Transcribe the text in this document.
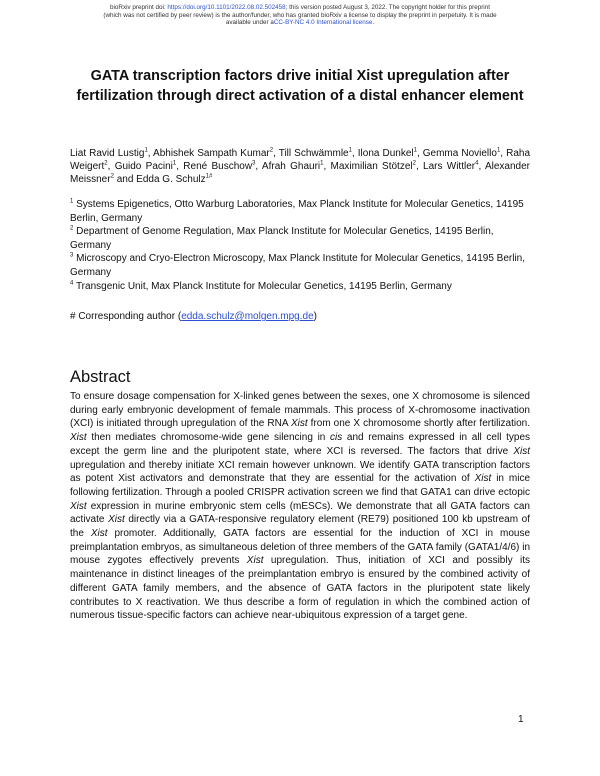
bioRxiv preprint doi: https://doi.org/10.1101/2022.08.02.502458; this version posted August 3, 2022. The copyright holder for this preprint
(which was not certified by peer review) is the author/funder, who has granted bioRxiv a license to display the preprint in perpetuity. It is made
available under aCC-BY-NC 4.0 International license.
GATA transcription factors drive initial Xist upregulation after
fertilization through direct activation of a distal enhancer element
Liat Ravid Lustig$^1$, Abhishek Sampath Kumar$^2$, Till Schwämmle$^1$, Ilona Dunkel$^1$, Gemma Noviello$^1$, Raha Weigert$^2$, Guido Pacini$^1$, René Buschow$^3$, Afrah Ghauri$^1$, Maximilian Stötzel$^2$, Lars Wittler$^4$, Alexander Meissner$^2$ and Edda G. Schulz$^{1\#}$

$^1$ Systems Epigenetics, Otto Warburg Laboratories, Max Planck Institute for Molecular Genetics, 14195 Berlin, Germany

$^2$ Department of Genome Regulation, Max Planck Institute for Molecular Genetics, 14195 Berlin, Germany

$^3$ Microscopy and Cryo-Electron Microscopy, Max Planck Institute for Molecular Genetics, 14195 Berlin, Germany

$^4$ Transgenic Unit, Max Planck Institute for Molecular Genetics, 14195 Berlin, Germany

# Corresponding author (edda.schulz@molgen.mpg.de)
Abstract
To ensure dosage compensation for X-linked genes between the sexes, one X chromosome is silenced during early embryonic development of female mammals. This process of X-chromosome inactivation (XCI) is initiated through upregulation of the RNA Xist from one X chromosome shortly after fertilization. Xist then mediates chromosome-wide gene silencing in cis and remains expressed in all cell types except the germ line and the pluripotent state, where XCI is reversed. The factors that drive Xist upregulation and thereby initiate XCI remain however unknown. We identify GATA transcription factors as potent Xist activators and demonstrate that they are essential for the activation of Xist in mice following fertilization. Through a pooled CRISPR activation screen we find that GATA1 can drive ectopic Xist expression in murine embryonic stem cells (mESCs). We demonstrate that all GATA factors can activate Xist directly via a GATA-responsive regulatory element (RE79) positioned 100 kb upstream of the Xist promoter. Additionally, GATA factors are essential for the induction of XCI in mouse preimplantation embryos, as simultaneous deletion of three members of the GATA family (GATA1/4/6) in mouse zygotes effectively prevents Xist upregulation. Thus, initiation of XCI and possibly its maintenance in distinct lineages of the preimplantation embryo is ensured by the combined activity of different GATA family members, and the absence of GATA factors in the pluripotent state likely contributes to X reactivation. We thus describe a form of regulation in which the combined action of numerous tissue-specific factors can achieve near-ubiquitous expression of a target gene.
1
